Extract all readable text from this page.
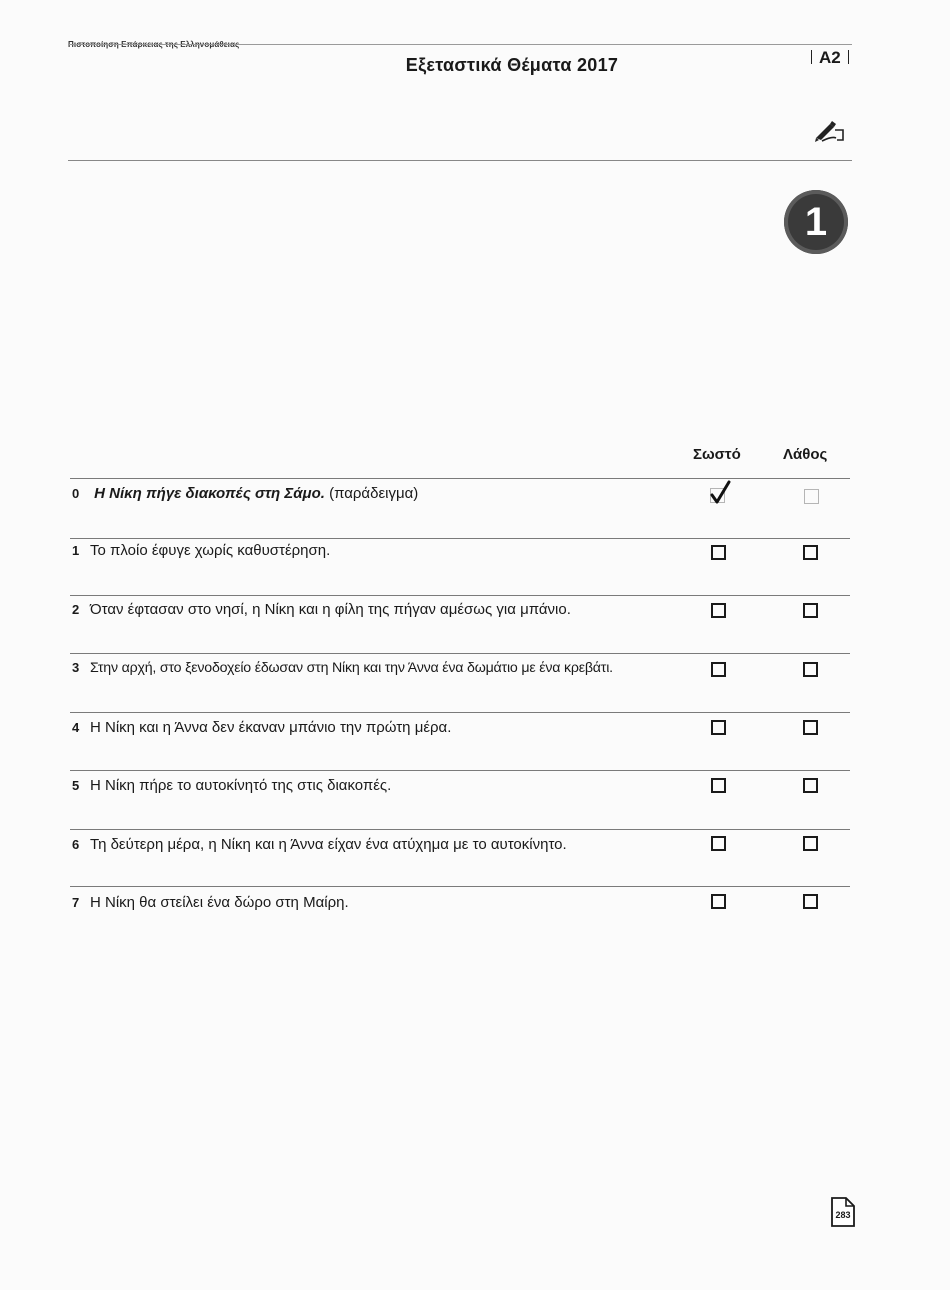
Πιστοποίηση Επάρκειας της Ελληνομάθειας
Εξεταστικά Θέματα 2017	A2
1
Σωστό	Λάθος
0 Η Νίκη πήγε διακοπές στη Σάμο. (παράδειγμα)
1 Το πλοίο έφυγε χωρίς καθυστέρηση.
2 Όταν έφτασαν στο νησί, η Νίκη και η φίλη της πήγαν αμέσως για μπάνιο.
3 Στην αρχή, στο ξενοδοχείο έδωσαν στη Νίκη και την Άννα ένα δωμάτιο με ένα κρεβάτι.
4 Η Νίκη και η Άννα δεν έκαναν μπάνιο την πρώτη μέρα.
5 Η Νίκη πήρε το αυτοκίνητό της στις διακοπές.
6 Τη δεύτερη μέρα, η Νίκη και η Άννα είχαν ένα ατύχημα με το αυτοκίνητο.
7 Η Νίκη θα στείλει ένα δώρο στη Μαίρη.
283
